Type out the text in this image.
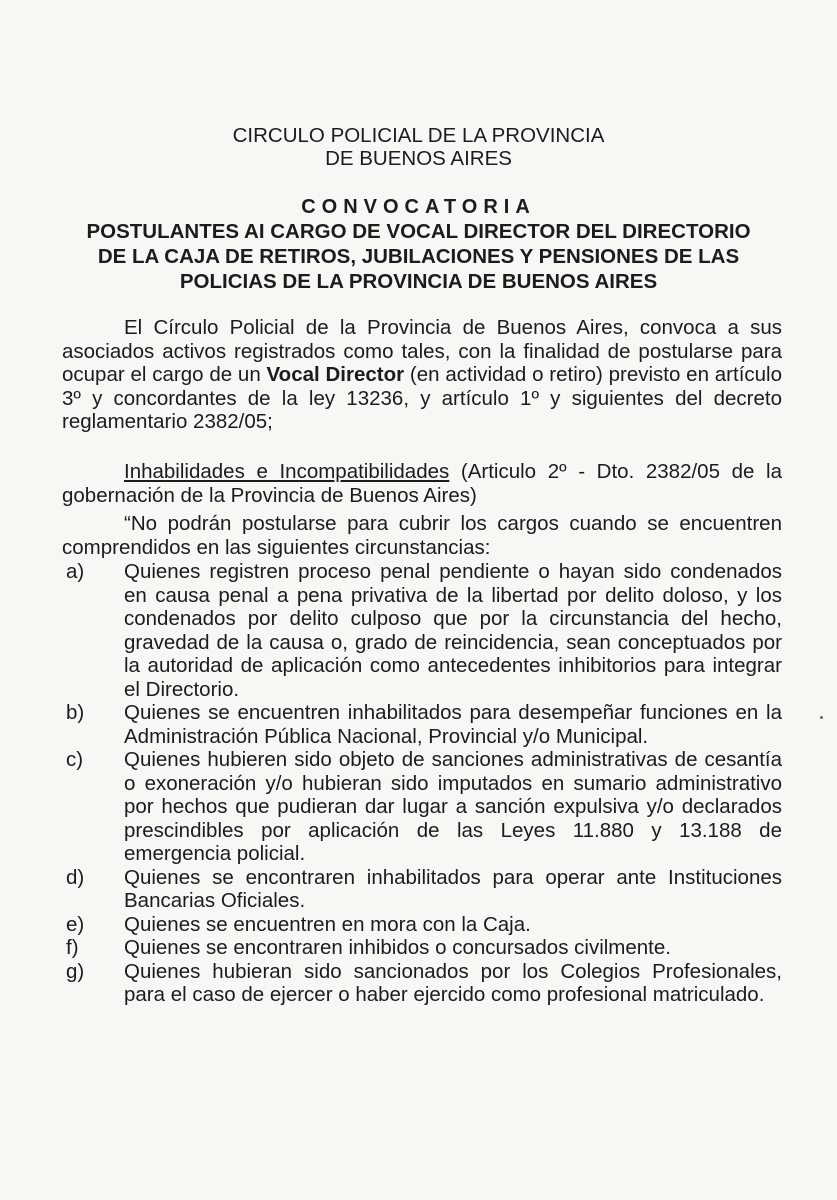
CIRCULO POLICIAL DE LA PROVINCIA
DE BUENOS AIRES
CONVOCATORIA
POSTULANTES AI CARGO DE VOCAL DIRECTOR DEL DIRECTORIO
DE LA CAJA DE RETIROS, JUBILACIONES Y PENSIONES DE LAS
POLICIAS DE LA PROVINCIA DE BUENOS AIRES
El Círculo Policial de la Provincia de Buenos Aires, convoca a sus asociados activos registrados como tales, con la finalidad de postularse para ocupar el cargo de un Vocal Director (en actividad o retiro) previsto en artículo 3º y concordantes de la ley 13236, y artículo 1º y siguientes del decreto reglamentario 2382/05;
Inhabilidades e Incompatibilidades (Articulo 2º - Dto. 2382/05 de la gobernación de la Provincia de Buenos Aires)
“No podrán postularse para cubrir los cargos cuando se encuentren comprendidos en las siguientes circunstancias:
a)	Quienes registren proceso penal pendiente o hayan sido condenados en causa penal a pena privativa de la libertad por delito doloso, y los condenados por delito culposo que por la circunstancia del hecho, gravedad de la causa o, grado de reincidencia, sean conceptuados por la autoridad de aplicación como antecedentes inhibitorios para integrar el Directorio.
b)	Quienes se encuentren inhabilitados para desempeñar funciones en la Administración Pública Nacional, Provincial y/o Municipal.
c)	Quienes hubieren sido objeto de sanciones administrativas de cesantía o exoneración y/o hubieran sido imputados en sumario administrativo por hechos que pudieran dar lugar a sanción expulsiva y/o declarados prescindibles por aplicación de las Leyes 11.880 y 13.188 de emergencia policial.
d)	Quienes se encontraren inhabilitados para operar ante Instituciones Bancarias Oficiales.
e)	Quienes se encuentren en mora con la Caja.
f)	Quienes se encontraren inhibidos o concursados civilmente.
g)	Quienes hubieran sido sancionados por los Colegios Profesionales, para el caso de ejercer o haber ejercido como profesional matriculado.
